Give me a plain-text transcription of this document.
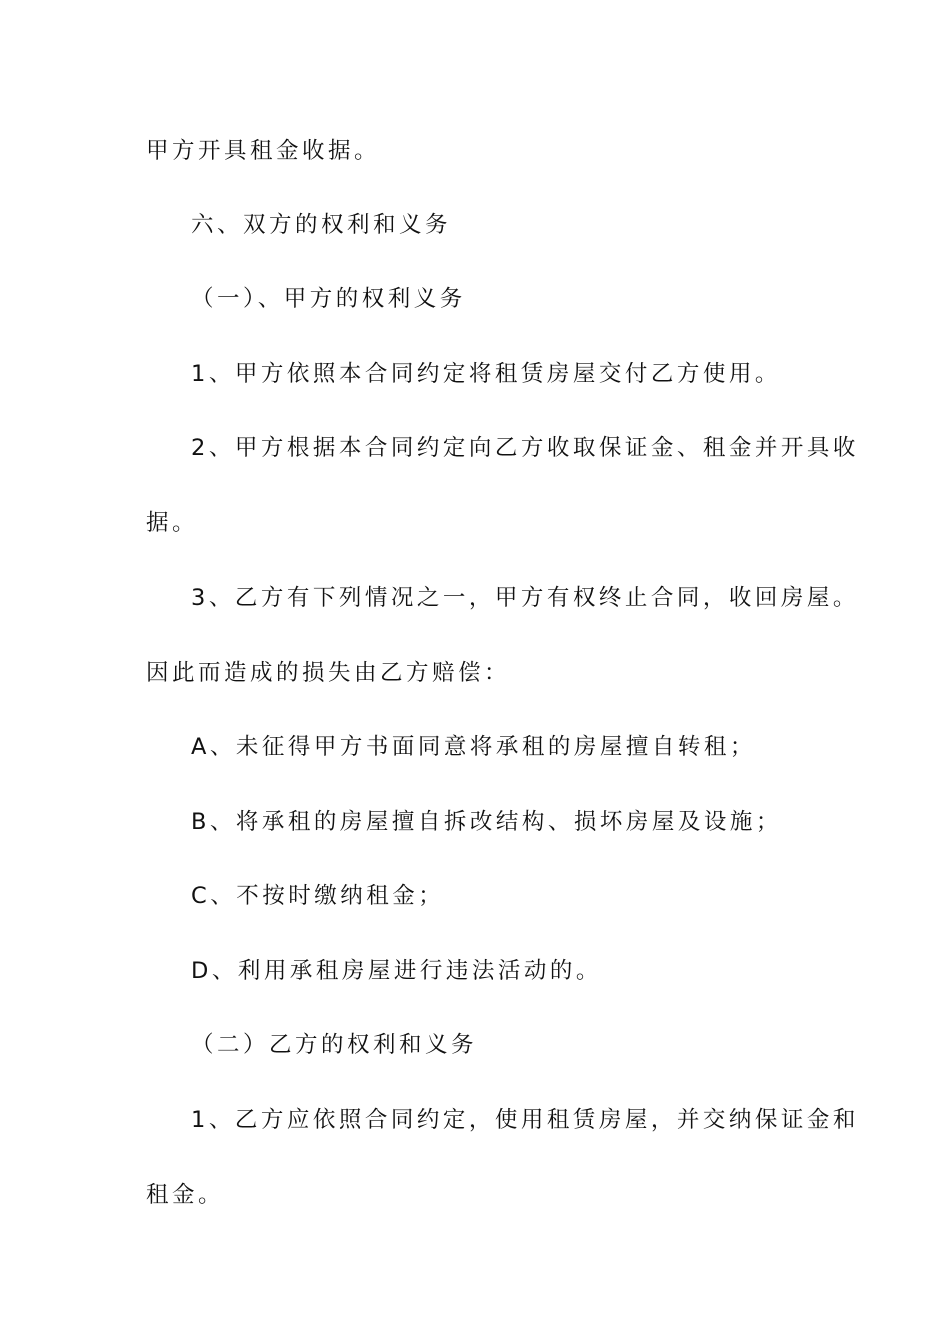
甲方开具租金收据。
六、双方的权利和义务
（一）、甲方的权利义务
1、甲方依照本合同约定将租赁房屋交付乙方使用。
2、甲方根据本合同约定向乙方收取保证金、租金并开具收
据。
3、乙方有下列情况之一，甲方有权终止合同，收回房屋。
因此而造成的损失由乙方赔偿：
A、未征得甲方书面同意将承租的房屋擅自转租；
B、将承租的房屋擅自拆改结构、损坏房屋及设施；
C、不按时缴纳租金；
D、利用承租房屋进行违法活动的。
（二）乙方的权利和义务
1、乙方应依照合同约定，使用租赁房屋，并交纳保证金和
租金。
